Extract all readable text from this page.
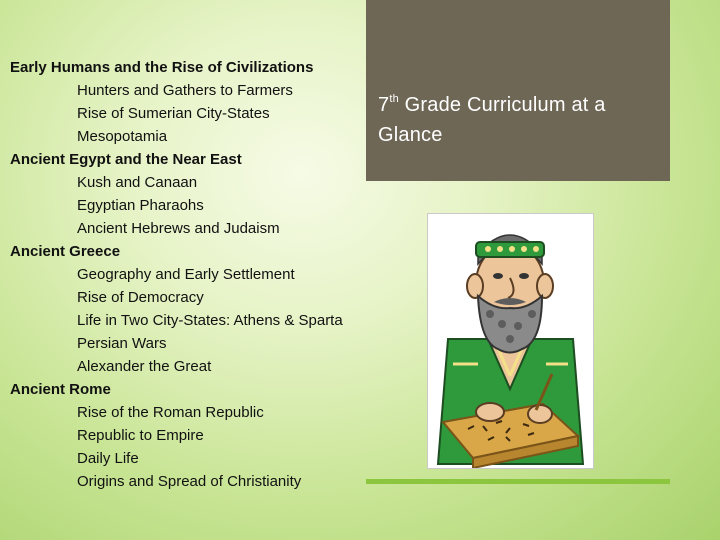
Early Humans and the Rise of Civilizations
Hunters and Gathers to Farmers
Rise of Sumerian City-States
Mesopotamia
Ancient Egypt and the Near East
Kush and Canaan
Egyptian Pharaohs
Ancient Hebrews and Judaism
Ancient Greece
Geography and Early Settlement
Rise of Democracy
Life in Two City-States: Athens & Sparta
Persian Wars
Alexander the Great
Ancient Rome
Rise of the Roman Republic
Republic to Empire
Daily Life
Origins and Spread of Christianity
7th Grade Curriculum at a Glance
